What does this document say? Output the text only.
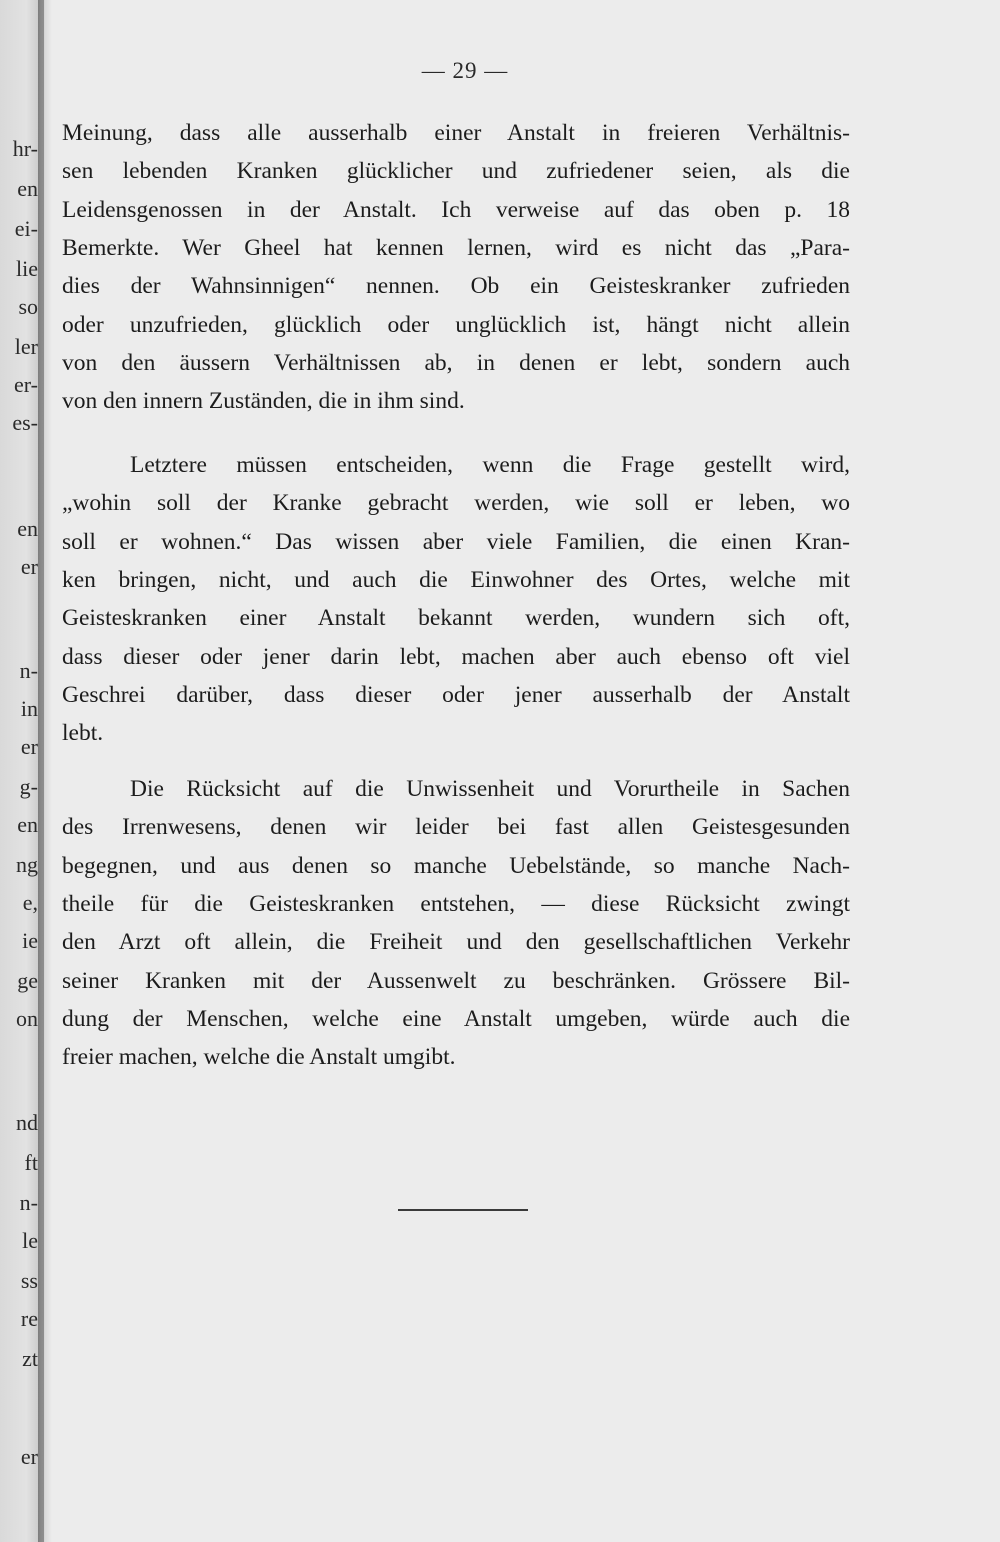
hr-
en
ei-
lie
so
ler
er-
es-
en
er
n-
in
er
g-
en
ng
e,
ie
ge
on
nd
ft
n-
le
ss
re
zt
er
— 29 —
Meinung, dass alle ausserhalb einer Anstalt in freieren Verhältnis-
sen lebenden Kranken glücklicher und zufriedener seien, als die
Leidensgenossen in der Anstalt. Ich verweise auf das oben p. 18
Bemerkte. Wer Gheel hat kennen lernen, wird es nicht das „Para-
dies der Wahnsinnigen“ nennen. Ob ein Geisteskranker zufrieden
oder unzufrieden, glücklich oder unglücklich ist, hängt nicht allein
von den äussern Verhältnissen ab, in denen er lebt, sondern auch
von den innern Zuständen, die in ihm sind.
Letztere müssen entscheiden, wenn die Frage gestellt wird,
„wohin soll der Kranke gebracht werden, wie soll er leben, wo
soll er wohnen.“ Das wissen aber viele Familien, die einen Kran-
ken bringen, nicht, und auch die Einwohner des Ortes, welche mit
Geisteskranken einer Anstalt bekannt werden, wundern sich oft,
dass dieser oder jener darin lebt, machen aber auch ebenso oft viel
Geschrei darüber, dass dieser oder jener ausserhalb der Anstalt
lebt.
Die Rücksicht auf die Unwissenheit und Vorurtheile in Sachen
des Irrenwesens, denen wir leider bei fast allen Geistesgesunden
begegnen, und aus denen so manche Uebelstände, so manche Nach-
theile für die Geisteskranken entstehen, — diese Rücksicht zwingt
den Arzt oft allein, die Freiheit und den gesellschaftlichen Verkehr
seiner Kranken mit der Aussenwelt zu beschränken. Grössere Bil-
dung der Menschen, welche eine Anstalt umgeben, würde auch die
freier machen, welche die Anstalt umgibt.
